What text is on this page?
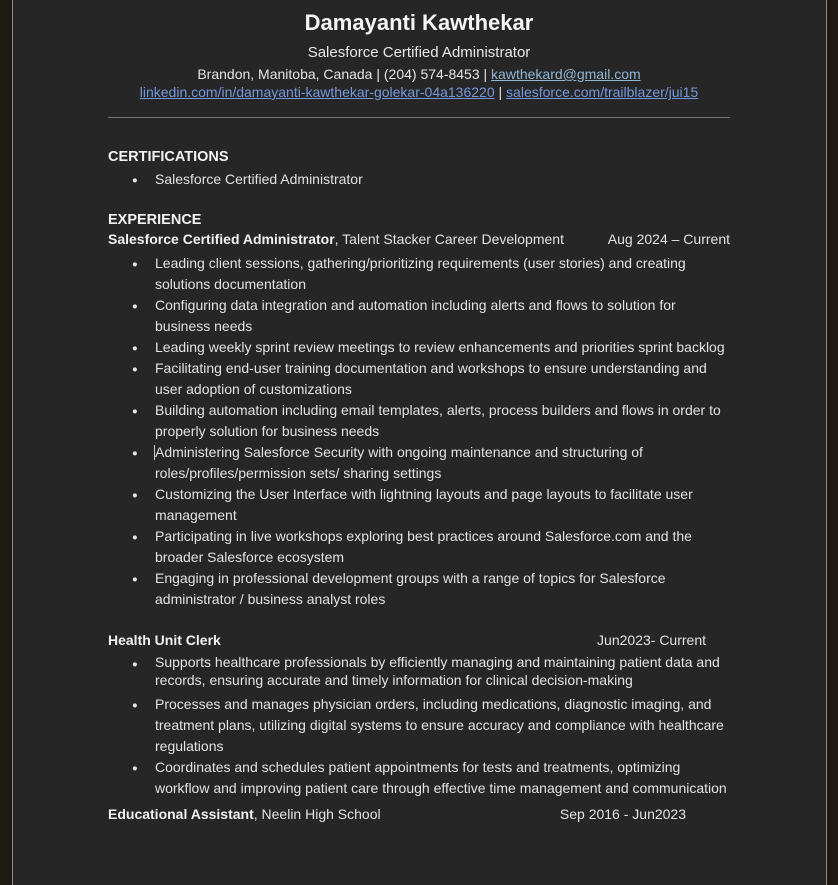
Damayanti Kawthekar
Salesforce Certified Administrator
Brandon, Manitoba, Canada | (204) 574-8453 | kawthekard@gmail.com
linkedin.com/in/damayanti-kawthekar-golekar-04a136220 | salesforce.com/trailblazer/jui15
CERTIFICATIONS
● Salesforce Certified Administrator
EXPERIENCE
Salesforce Certified Administrator , Talent Stacker Career Development	Aug 2024 – Current
● Leading client sessions, gathering/prioritizing requirements (user stories) and creating solutions documentation
● Configuring data integration and automation including alerts and flows to solution for business needs
● Leading weekly sprint review meetings to review enhancements and priorities sprint backlog
● Facilitating end-user training documentation and workshops to ensure understanding and user adoption of customizations
● Building automation including email templates, alerts, process builders and flows in order to properly solution for business needs
● Administering Salesforce Security with ongoing maintenance and structuring of roles/profiles/permission sets/ sharing settings
● Customizing the User Interface with lightning layouts and page layouts to facilitate user management
● Participating in live workshops exploring best practices around Salesforce.com and the broader Salesforce ecosystem
● Engaging in professional development groups with a range of topics for Salesforce administrator / business analyst roles
Health Unit Clerk	Jun2023- Current
● Supports healthcare professionals by efficiently managing and maintaining patient data and records, ensuring accurate and timely information for clinical decision-making
● Processes and manages physician orders, including medications, diagnostic imaging, and treatment plans, utilizing digital systems to ensure accuracy and compliance with healthcare regulations
● Coordinates and schedules patient appointments for tests and treatments, optimizing workflow and improving patient care through effective time management and communication
Educational Assistant , Neelin High School	Sep 2016 - Jun2023
